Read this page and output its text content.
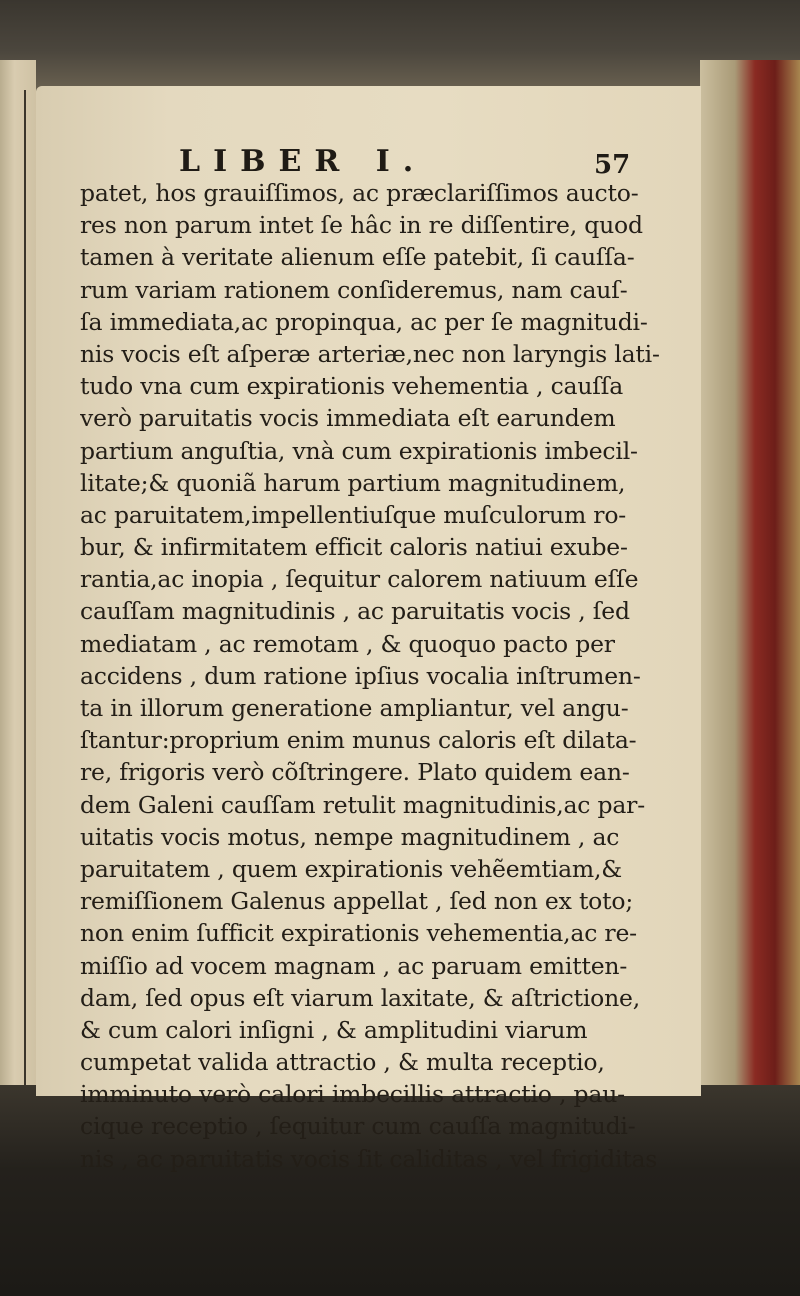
LIBER I.	57
patet, hos grauiſſimos, ac præclariſſimos aucto-
res non parum intet ſe hâc in re diſſentire, quod
tamen à veritate alienum eſſe patebit, ſi cauſſa-
rum variam rationem conſideremus, nam cauſ-
ſa immediata,ac propinqua, ac per ſe magnitudi-
nis vocis eſt aſperæ arteriæ,nec non laryngis lati-
tudo vna cum expirationis vehementia , cauſſa
verò paruitatis vocis immediata eſt earundem
partium anguſtia, vnà cum expirationis imbecil-
litate;& quoniã harum partium magnitudinem,
ac paruitatem,impellentiuſque muſculorum ro-
bur, & infirmitatem efficit caloris natiui exube-
rantia,ac inopia , ſequitur calorem natiuum eſſe
cauſſam magnitudinis , ac paruitatis vocis , ſed
mediatam , ac remotam , & quoquo pacto per
accidens , dum ratione ipſius vocalia inſtrumen-
ta in illorum generatione ampliantur, vel angu-
ſtantur:proprium enim munus caloris eſt dilata-
re, frigoris verò cõſtringere. Plato quidem ean-
dem Galeni cauſſam retulit magnitudinis,ac par-
uitatis vocis motus, nempe magnitudinem , ac
paruitatem , quem expirationis vehẽemtiam,&
remiſſionem Galenus appellat , ſed non ex toto;
non enim ſufficit expirationis vehementia,ac re-
miſſio ad vocem magnam , ac paruam emitten-
dam, ſed opus eſt viarum laxitate, & aſtrictione,
& cum calori inſigni , & amplitudini viarum
cumpetat valida attractio , & multa receptio,
imminuto verò calori imbecillis attractio , pau-
cique receptio , ſequitur cum cauſſa magnitudi-
nis , ac paruitatis vocis ſit caliditas , vel frigiditas
